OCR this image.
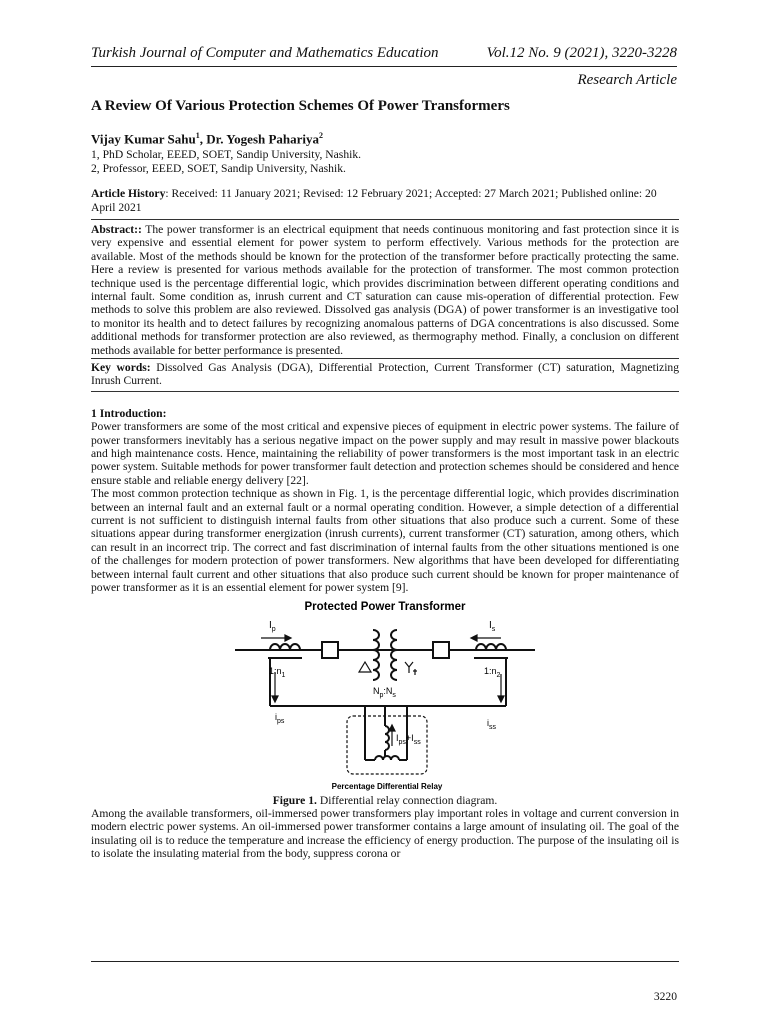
Turkish Journal of Computer and Mathematics Education	Vol.12 No. 9 (2021), 3220-3228
Research Article
A Review Of Various Protection Schemes Of Power Transformers
Vijay Kumar Sahu$^1$, Dr. Yogesh Pahariya$^2$
1, PhD Scholar, EEED, SOET, Sandip University, Nashik.
2, Professor, EEED, SOET, Sandip University, Nashik.
Article History: Received: 11 January 2021; Revised: 12 February 2021; Accepted: 27 March 2021; Published online: 20 April 2021
Abstract:: The power transformer is an electrical equipment that needs continuous monitoring and fast protection since it is very expensive and essential element for power system to perform effectively. Various methods for the protection are available. Most of the methods should be known for the protection of the transformer before practically protecting the same. Here a review is presented for various methods available for the protection of transformer. The most common protection technique used is the percentage differential logic, which provides discrimination between different operating conditions and internal fault. Some condition as, inrush current and CT saturation can cause mis-operation of differential protection. Few methods to solve this problem are also reviewed. Dissolved gas analysis (DGA) of power transformer is an investigative tool to monitor its health and to detect failures by recognizing anomalous patterns of DGA concentrations is also discussed. Some additional methods for transformer protection are also reviewed, as thermography method. Finally, a conclusion on different methods available for better performance is presented.
Key words: Dissolved Gas Analysis (DGA), Differential Protection, Current Transformer (CT) saturation, Magnetizing Inrush Current.
1 Introduction:

Power transformers are some of the most critical and expensive pieces of equipment in electric power systems. The failure of power transformers inevitably has a serious negative impact on the power supply and may result in massive power blackouts and high maintenance costs. Hence, maintaining the reliability of power transformers is the most important task in an electric power system. Suitable methods for power transformer fault detection and protection schemes should be considered and hence ensure stable and reliable energy delivery [22].

The most common protection technique as shown in Fig. 1, is the percentage differential logic, which provides discrimination between an internal fault and an external fault or a normal operating condition. However, a simple detection of a differential current is not sufficient to distinguish internal faults from other situations that also produce such a current. Some of these situations appear during transformer energization (inrush currents), current transformer (CT) saturation, among others, which can result in an incorrect trip. The correct and fast discrimination of internal faults from the other situations mentioned is one of the challenges for modern protection of power transformers. New algorithms that have been developed for differentiating between internal fault current and other situations that also produce such current should be known for proper maintenance of power transformer as it is an essential element for power system [9].

Protected Power Transformer
$I_p$	$I_s$
$1:n_1$	$1:n_2$
$N_p:N_s$
$i_{ps}$	$i_{ss}$
$I_{ps}+I_{ss}$
Percentage Differential Relay
Figure 1. Differential relay connection diagram.

Among the available transformers, oil-immersed power transformers play important roles in voltage and current conversion in modern electric power systems. An oil-immersed power transformer contains a large amount of insulating oil. The goal of the insulating oil is to reduce the temperature and increase the efficiency of energy production. The purpose of the insulating oil is to isolate the insulating material from the body, suppress corona or

3220
